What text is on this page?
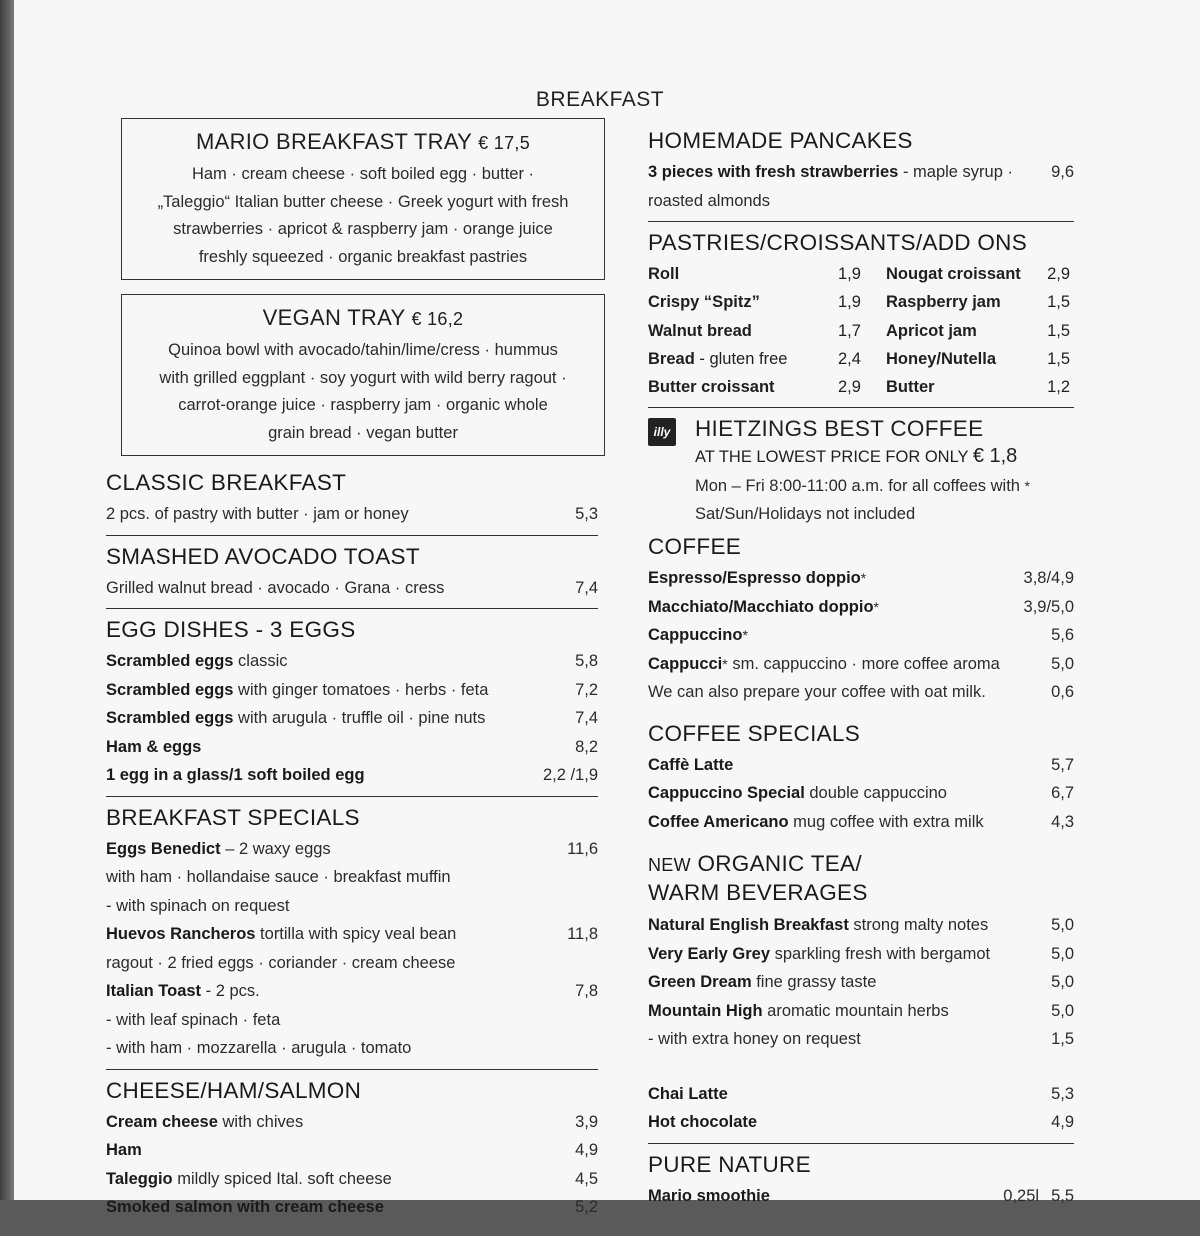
BREAKFAST
MARIO BREAKFAST TRAY € 17,5
Ham · cream cheese · soft boiled egg · butter ·
„Taleggio“ Italian butter cheese · Greek yogurt with fresh
strawberries · apricot & raspberry jam · orange juice
freshly squeezed · organic breakfast pastries
VEGAN TRAY € 16,2
Quinoa bowl with avocado/tahin/lime/cress · hummus
with grilled eggplant · soy yogurt with wild berry ragout ·
carrot-orange juice · raspberry jam · organic whole
grain bread · vegan butter
CLASSIC BREAKFAST
2 pcs. of pastry with butter · jam or honey	5,3
SMASHED AVOCADO TOAST
Grilled walnut bread · avocado · Grana · cress	7,4
EGG DISHES - 3 EGGS
Scrambled eggs classic	5,8
Scrambled eggs with ginger tomatoes · herbs · feta	7,2
Scrambled eggs with arugula · truffle oil · pine nuts	7,4
Ham & eggs	8,2
1 egg in a glass/1 soft boiled egg	2,2 /1,9
BREAKFAST SPECIALS
Eggs Benedict – 2 waxy eggs	11,6
with ham · hollandaise sauce · breakfast muffin
- with spinach on request
Huevos Rancheros tortilla with spicy veal bean	11,8
ragout · 2 fried eggs · coriander · cream cheese
Italian Toast - 2 pcs.	7,8
- with leaf spinach · feta
- with ham · mozzarella · arugula · tomato
CHEESE/HAM/SALMON
Cream cheese with chives	3,9
Ham	4,9
Taleggio mildly spiced Ital. soft cheese	4,5
Smoked salmon with cream cheese	5,2
HOMEMADE PANCAKES
3 pieces with fresh strawberries - maple syrup · 9,6
roasted almonds
PASTRIES/CROISSANTS/ADD ONS
Roll	1,9	Nougat croissant	2,9
Crispy “Spitz”	1,9	Raspberry jam	1,5
Walnut bread	1,7	Apricot jam	1,5
Bread - gluten free	2,4	Honey/Nutella	1,5
Butter croissant	2,9	Butter	1,2
illy HIETZINGS BEST COFFEE
AT THE LOWEST PRICE FOR ONLY € 1,8
Mon – Fri 8:00-11:00 a.m. for all coffees with *
Sat/Sun/Holidays not included
COFFEE
Espresso/Espresso doppio*	3,8/4,9
Macchiato/Macchiato doppio*	3,9/5,0
Cappuccino*	5,6
Cappucci* sm. cappuccino · more coffee aroma	5,0
We can also prepare your coffee with oat milk.	0,6
COFFEE SPECIALS
Caffè Latte	5,7
Cappuccino Special double cappuccino	6,7
Coffee Americano mug coffee with extra milk	4,3
NEW ORGANIC TEA/
WARM BEVERAGES
Natural English Breakfast strong malty notes	5,0
Very Early Grey sparkling fresh with bergamot	5,0
Green Dream fine grassy taste	5,0
Mountain High aromatic mountain herbs	5,0
- with extra honey on request	1,5
Chai Latte	5,3
Hot chocolate	4,9
PURE NATURE
Mario smoothie	0,25l 5,5
